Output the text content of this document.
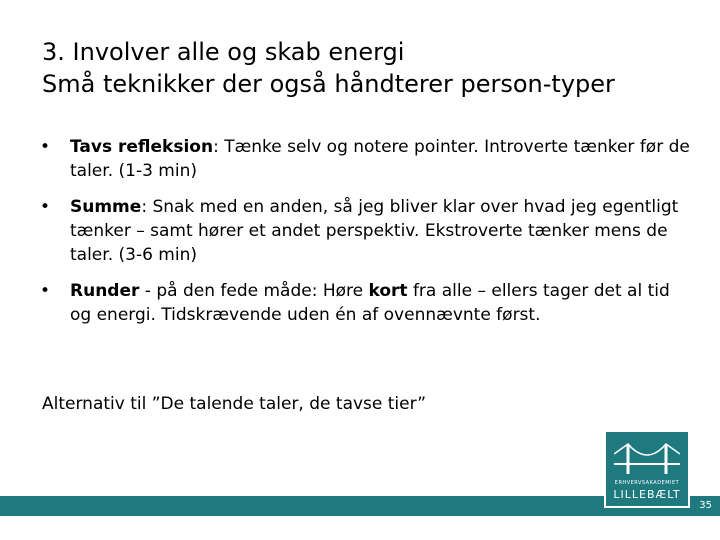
3. Involver alle og skab energi
Små teknikker der også håndterer person-typer
• Tavs refleksion: Tænke selv og notere pointer. Introverte tænker før de taler. (1-3 min)
• Summe: Snak med en anden, så jeg bliver klar over hvad jeg egentligt tænker – samt hører et andet perspektiv. Ekstroverte tænker mens de taler. (3-6 min)
• Runder - på den fede måde: Høre kort fra alle – ellers tager det al tid og energi. Tidskrævende uden én af ovennævnte først.
Alternativ til ”De talende taler, de tavse tier”
ERHVERVSAKADEMIET
LILLEBÆLT
35
